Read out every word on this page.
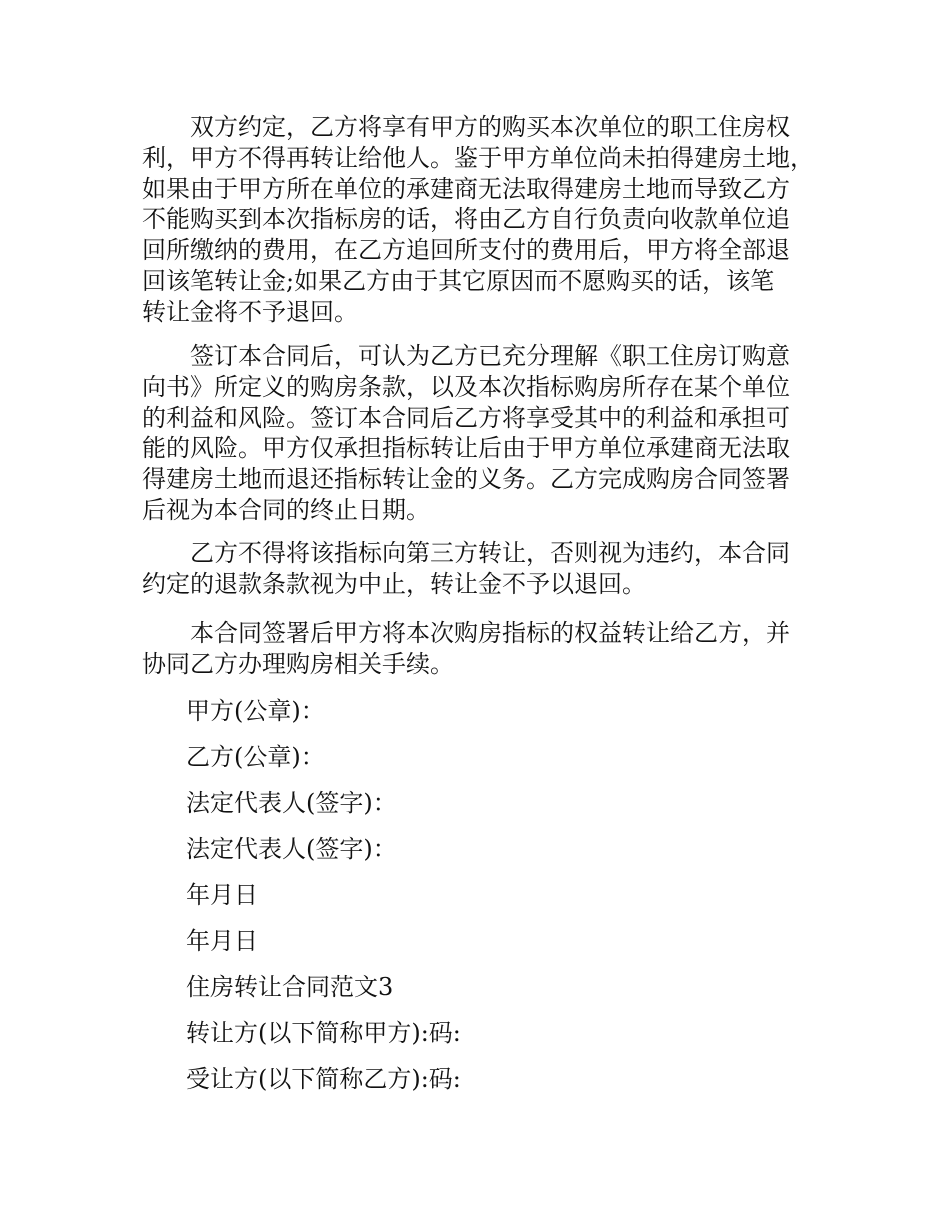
　　双方约定，乙方将享有甲方的购买本次单位的职工住房权
利，甲方不得再转让给他人。鉴于甲方单位尚未拍得建房土地，
如果由于甲方所在单位的承建商无法取得建房土地而导致乙方
不能购买到本次指标房的话，将由乙方自行负责向收款单位追
回所缴纳的费用，在乙方追回所支付的费用后，甲方将全部退
回该笔转让金;如果乙方由于其它原因而不愿购买的话，该笔
转让金将不予退回。

　　签订本合同后，可认为乙方已充分理解《职工住房订购意
向书》所定义的购房条款，以及本次指标购房所存在某个单位
的利益和风险。签订本合同后乙方将享受其中的利益和承担可
能的风险。甲方仅承担指标转让后由于甲方单位承建商无法取
得建房土地而退还指标转让金的义务。乙方完成购房合同签署
后视为本合同的终止日期。

　　乙方不得将该指标向第三方转让，否则视为违约，本合同
约定的退款条款视为中止，转让金不予以退回。

　　本合同签署后甲方将本次购房指标的权益转让给乙方，并
协同乙方办理购房相关手续。

甲方(公章)：

乙方(公章)：

法定代表人(签字)：

法定代表人(签字)：

年月日

年月日

住房转让合同范文3

转让方(以下简称甲方):码:

受让方(以下简称乙方):码:
